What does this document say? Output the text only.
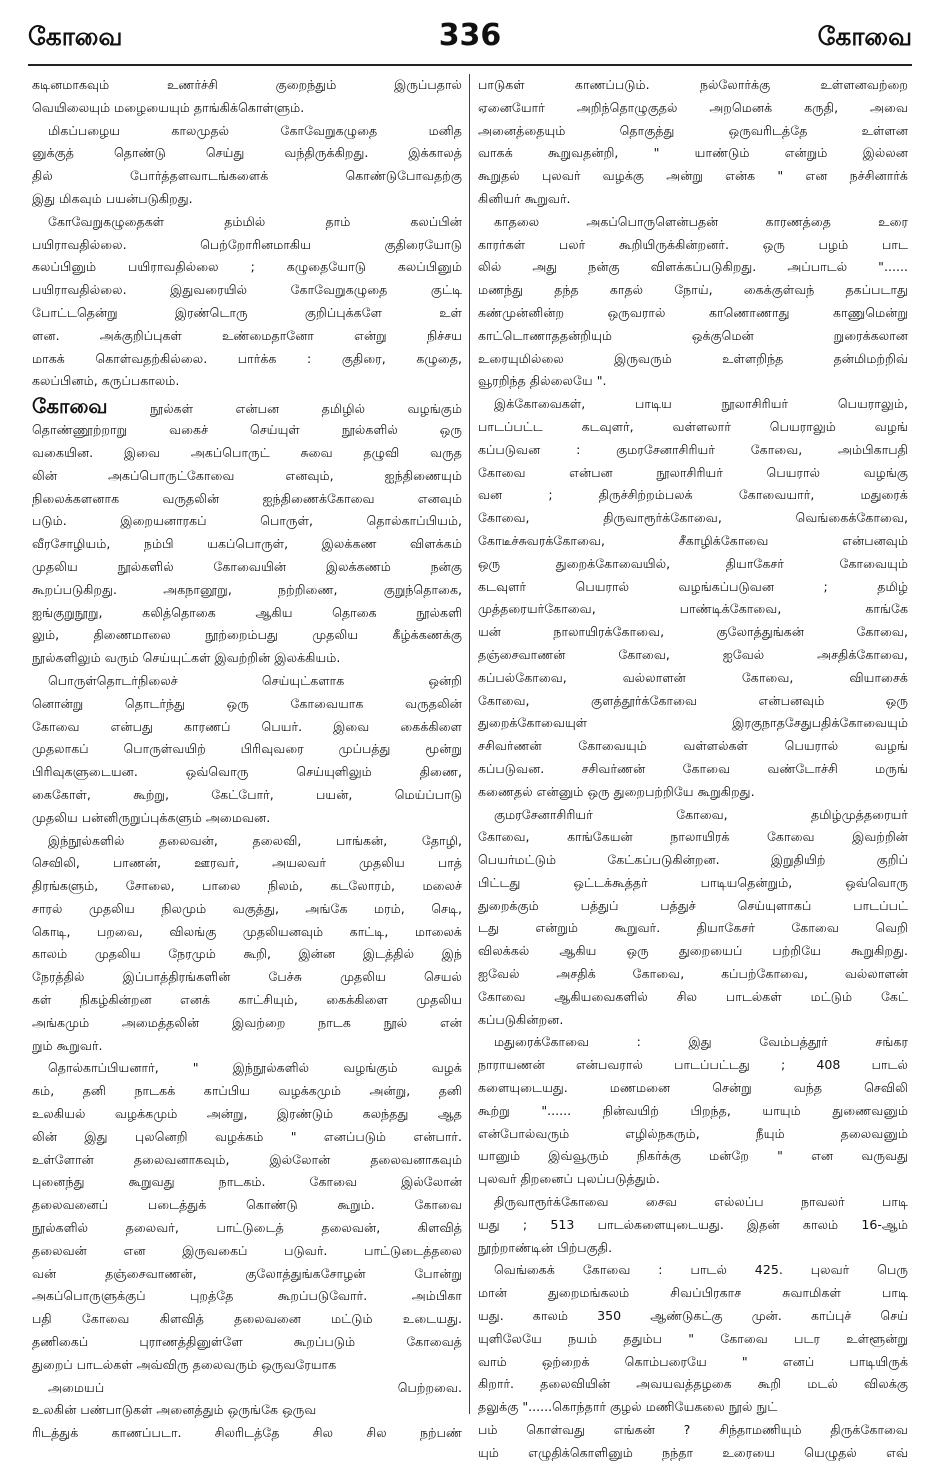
கோவை	336	கோவை
கடினமாகவும் உணர்ச்சி குறைந்தும் இருப்பதால்
வெயிலையும் மழையையும் தாங்கிக்கொள்ளும்.
மிகப்பழைய காலமுதல் கோவேறுகழுதை மனித
னுக்குத் தொண்டு செய்து வந்திருக்கிறது. இக்காலத்
தில் போர்த்தளவாடங்களைக் கொண்டுபோவதற்கு
இது மிகவும் பயன்படுகிறது.
கோவேறுகழுதைகள் தம்மில் தாம் கலப்பின்
பயிராவதில்லை. பெற்றோரினமாகிய குதிரையோடு
கலப்பினும் பயிராவதில்லை ; கழுதையோடு கலப்பினும்
பயிராவதில்லை. இதுவரையில் கோவேறுகழுதை குட்டி
போட்டதென்று இரண்டொரு குறிப்புக்களே உள்
ளன. அக்குறிப்புகள் உண்மைதானோ என்று நிச்சய
மாகக் கொள்வதற்கில்லை. பார்க்க : குதிரை, கழுதை,
கலப்பினம், கருப்பகாலம்.
கோவை நூல்கள் என்பன தமிழில் வழங்கும்
தொண்ணூற்றாறு வகைச் செய்யுள் நூல்களில் ஒரு
வகையின. இவை அகப்பொருட் சுவை தழுவி வருத
லின் அகப்பொருட்கோவை எனவும், ஐந்திணையும்
நிலைக்களனாக வருதலின் ஐந்திணைக்கோவை எனவும்
படும். இறையனாரகப் பொருள், தொல்காப்பியம்,
வீரசோழியம், நம்பி யகப்பொருள், இலக்கண விளக்கம்
முதலிய நூல்களில் கோவையின் இலக்கணம் நன்கு
கூறப்படுகிறது. அகநானூறு, நற்றிணை, குறுந்தொகை,
ஐங்குறுநூறு, கலித்தொகை ஆகிய தொகை நூல்களி
லும், திணைமாலை நூற்றைம்பது முதலிய கீழ்க்கணக்கு
நூல்களிலும் வரும் செய்யுட்கள் இவற்றின் இலக்கியம்.
பொருள்தொடர்நிலைச் செய்யுட்களாக ஒன்றி
னொன்று தொடர்ந்து ஒரு கோவையாக வருதலின்
கோவை என்பது காரணப் பெயர். இவை கைக்கிளை
முதலாகப் பொருள்வயிற் பிரிவுவரை முப்பத்து மூன்று
பிரிவுகளுடையன. ஒவ்வொரு செய்யுளிலும் திணை,
கைகோள், கூற்று, கேட்போர், பயன், மெய்ப்பாடு
முதலிய பன்னிருறுப்புக்களும் அமைவன.
இந்நூல்களில் தலைவன், தலைவி, பாங்கன், தோழி,
செவிலி, பாணன், ஊரவர், அயலவர் முதலிய பாத்
திரங்களும், சோலை, பாலை நிலம், கடலோரம், மலைச்
சாரல் முதலிய நிலமும் வகுத்து, அங்கே மரம், செடி,
கொடி, பறவை, விலங்கு முதலியனவும் காட்டி, மாலைக்
காலம் முதலிய நேரமும் கூறி, இன்ன இடத்தில் இந்
நேரத்தில் இப்பாத்திரங்களின் பேச்சு முதலிய செயல்
கள் நிகழ்கின்றன எனக் காட்சியும், கைக்கிளை முதலிய
அங்கமும் அமைத்தலின் இவற்றை நாடக நூல் என்
றும் கூறுவர்.
தொல்காப்பியனார், " இந்நூல்களில் வழங்கும் வழக்
கம், தனி நாடகக் காப்பிய வழக்கமும் அன்று, தனி
உலகியல் வழக்கமும் அன்று, இரண்டும் கலந்தது ஆத
லின் இது புலனெறி வழக்கம் " எனப்படும் என்பார்.
உள்ளோன் தலைவனாகவும், இல்லோன் தலைவனாகவும்
புனைந்து கூறுவது நாடகம். கோவை இல்லோன்
தலைவனைப் படைத்துக் கொண்டு கூறும். கோவை
நூல்களில் தலைவர், பாட்டுடைத் தலைவன், கிளவித்
தலைவன் என இருவகைப் படுவர். பாட்டுடைத்தலை
வன் தஞ்சைவாணன், குலோத்துங்கசோழன் போன்று
அகப்பொருளுக்குப் புறத்தே கூறப்படுவோர். அம்பிகா
பதி கோவை கிளவித் தலைவனை மட்டும் உடையது.
தணிகைப் புராணத்தினுள்ளே கூறப்படும் கோவைத்
துறைப் பாடல்கள் அவ்விரு தலைவரும் ஒருவரேயாக
அமையப் பெற்றவை.
உலகின் பண்பாடுகள் அனைத்தும் ஒருங்கே ஒருவ
ரிடத்துக் காணப்படா. சிலரிடத்தே சில சில நற்பண்
பாடுகள் காணப்படும். நல்லோர்க்கு உள்ளனவற்றை
ஏனையோர் அறிந்தொழுகுதல் அறமெனக் கருதி, அவை
அனைத்தையும் தொகுத்து ஒருவரிடத்தே உள்ளன
வாகக் கூறுவதன்றி, " யாண்டும் என்றும் இல்லன
கூறுதல் புலவர் வழக்கு அன்று என்க " என நச்சினார்க்
கினியர் கூறுவர்.
காதலை அகப்பொருளென்பதன் காரணத்தை உரை
காரர்கள் பலர் கூறியிருக்கின்றனர். ஒரு பழம் பாட
லில் அது நன்கு விளக்கப்படுகிறது. அப்பாடல் "......
மணந்து தந்த காதல் நோய், கைக்குள்வந் தகப்படாது
கண்முன்னின்ற ஒருவரால் காணொணாது காணுமென்று
காட்டொணாததன்றியும் ஒக்குமென் றுரைக்கலான
உரையுமில்லை இருவரும் உள்ளறிந்த தன்மிமற்றிவ்
வூரறிந்த தில்லையே ".
இக்கோவைகள், பாடிய நூலாசிரியர் பெயராலும்,
பாடப்பட்ட கடவுளர், வள்ளலார் பெயராலும் வழங்
கப்படுவன : குமரசேனாசிரியர் கோவை, அம்பிகாபதி
கோவை என்பன நூலாசிரியர் பெயரால் வழங்கு
வன ; திருச்சிற்றம்பலக் கோவையார், மதுரைக்
கோவை, திருவாரூர்க்கோவை, வெங்கைக்கோவை,
கோடீச்சுவரக்கோவை, சீகாழிக்கோவை என்பனவும்
ஒரு துறைக்கோவையில், தியாகேசர் கோவையும்
கடவுளர் பெயரால் வழங்கப்படுவன ; தமிழ்
முத்தரையர்கோவை, பாண்டிக்கோவை, காங்கே
யன் நாலாயிரக்கோவை, குலோத்துங்கன் கோவை,
தஞ்சைவாணன் கோவை, ஐவேல் அசதிக்கோவை,
கப்பல்கோவை, வல்லாளன் கோவை, வியாசைக்
கோவை, குளத்தூர்க்கோவை என்பனவும் ஒரு
துறைக்கோவையுள் இரகுநாதசேதுபதிக்கோவையும்
சசிவர்ணன் கோவையும் வள்ளல்கள் பெயரால் வழங்
கப்படுவன. சசிவர்ணன் கோவை வண்டோச்சி மருங்
கணைதல் என்னும் ஒரு துறைபற்றியே கூறுகிறது.
குமரசேனாசிரியர் கோவை, தமிழ்முத்தரையர்
கோவை, காங்கேயன் நாலாயிரக் கோவை இவற்றின்
பெயர்மட்டும் கேட்கப்படுகின்றன. இறுதியிற் குறிப்
பிட்டது ஒட்டக்கூத்தர் பாடியதென்றும், ஒவ்வொரு
துறைக்கும் பத்துப் பத்துச் செய்யுளாகப் பாடப்பட்
டது என்றும் கூறுவர். தியாகேசர் கோவை வெறி
விலக்கல் ஆகிய ஒரு துறையைப் பற்றியே கூறுகிறது.
ஐவேல் அசதிக் கோவை, கப்பற்கோவை, வல்லாளன்
கோவை ஆகியவைகளில் சில பாடல்கள் மட்டும் கேட்
கப்படுகின்றன.
மதுரைக்கோவை : இது வேம்பத்தூர் சங்கர
நாராயணன் என்பவரால் பாடப்பட்டது ; 408 பாடல்
களையுடையது. மணமனை சென்று வந்த செவிலி
கூற்று "...... நின்வயிற் பிறந்த, யாயும் துணைவனும்
என்போல்வரும் எழில்நகரும், நீயும் தலைவனும்
யானும் இவ்வூரும் நிகர்க்கு மன்றே " என வருவது
புலவர் திறனைப் புலப்படுத்தும்.
திருவாரூர்க்கோவை சைவ எல்லப்ப நாவலர் பாடி
யது ; 513 பாடல்களையுடையது. இதன் காலம் 16-ஆம்
நூற்றாண்டின் பிற்பகுதி.
வெங்கைக் கோவை : பாடல் 425. புலவர் பெரு
மான் துறைமங்கலம் சிவப்பிரகாச சுவாமிகள் பாடி
யது. காலம் 350 ஆண்டுகட்கு முன். காப்புச் செய்
யுளிலேயே நயம் ததும்ப " கோவை படர உள்ளூன்று
வாம் ஒற்றைக் கொம்பரையே " எனப் பாடியிருக்
கிறார். தலைவியின் அவயவத்தழகை கூறி மடல் விலக்கு
தலுக்கு "......கொந்தார் குழல் மணியேகலை நூல் நுட்
பம் கொள்வது எங்கன் ? சிந்தாமணியும் திருக்கோவை
யும் எழுதிக்கொளினும் நந்தா உரையை யெழுதல் எவ்
